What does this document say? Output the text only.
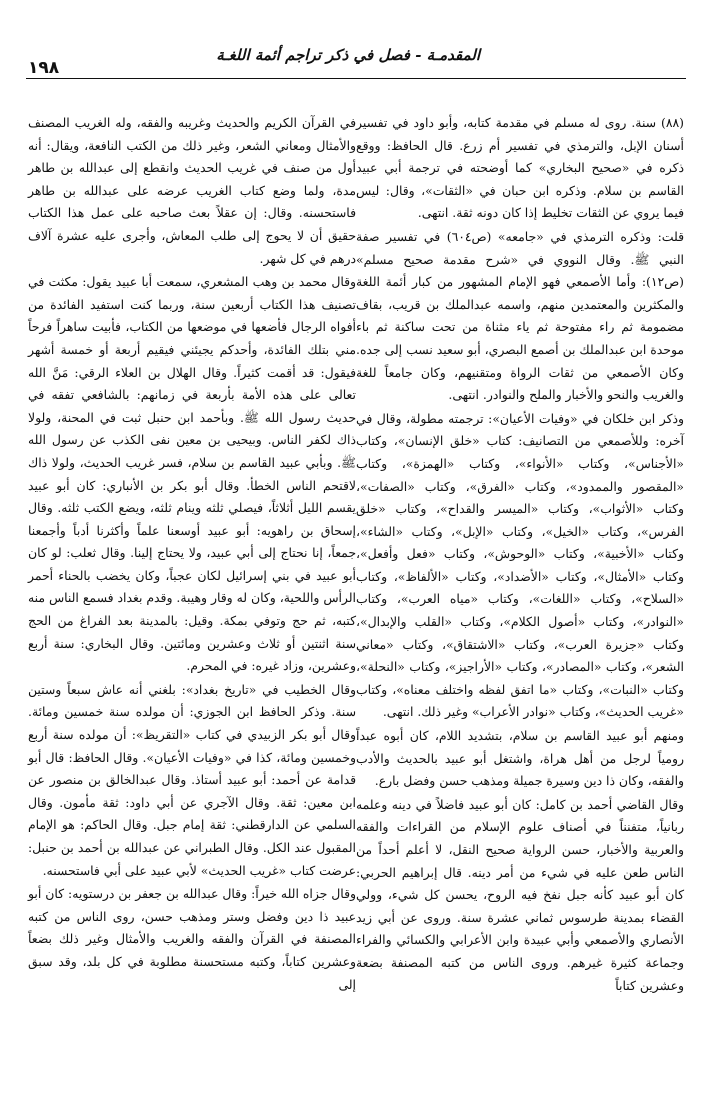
١٩٨
المقدمـة - فصل في ذكر تراجم أئمة اللغـة

(٨٨) سنة. روى له مسلم في مقدمة كتابه، وأبو داود في تفسير أسنان الإبل، والترمذي في تفسير أم زرع. قال الحافظ: ووقع ذكره في «صحيح البخاري» كما أوضحته في ترجمة أبي عبيد القاسم بن سلام. وذكره ابن حبان في «الثقات»، وقال: ليس فيما يروي عن الثقات تخليط إذا كان دونه ثقة. انتهى.

قلت: وذكره الترمذي في «جامعه» (ص٦٠٤) في تفسير صفة النبي ﷺ. وقال النووي في «شرح مقدمة صحيح مسلم» (ص١٢): وأما الأصمعي فهو الإمام المشهور من كبار أئمة اللغة والمكثرين والمعتمدين منهم، واسمه عبدالملك بن قريب، بقاف مضمومة ثم راء مفتوحة ثم ياء مثناة من تحت ساكنة ثم باء موحدة ابن عبدالملك بن أصمع البصري، أبو سعيد نسب إلى جده. وكان الأصمعي من ثقات الرواة ومتقنيهم، وكان جامعاً للغة والغريب والنحو والأخبار والملح والنوادر. انتهى.

وذكر ابن خلكان في «وفيات الأعيان»: ترجمته مطولة، وقال في آخره: وللأصمعي من التصانيف: كتاب «خلق الإنسان»، وكتاب «الأجناس»، وكتاب «الأنواء»، وكتاب «الهمزة»، وكتاب «المقصور والممدود»، وكتاب «الفرق»، وكتاب «الصفات»، وكتاب «الأثواب»، وكتاب «الميسر والقداح»، وكتاب «خلق الفرس»، وكتاب «الخيل»، وكتاب «الإبل»، وكتاب «الشاء»، وكتاب «الأخبية»، وكتاب «الوحوش»، وكتاب «فعل وأفعل»، وكتاب «الأمثال»، وكتاب «الأضداد»، وكتاب «الألفاظ»، وكتاب «السلاح»، وكتاب «اللغات»، وكتاب «مياه العرب»، وكتاب «النوادر»، وكتاب «أصول الكلام»، وكتاب «القلب والإبدال»، وكتاب «جزيرة العرب»، وكتاب «الاشتقاق»، وكتاب «معاني الشعر»، وكتاب «المصادر»، وكتاب «الأراجيز»، وكتاب «النحلة»، وكتاب «النبات»، وكتاب «ما اتفق لفظه واختلف معناه»، وكتاب «غريب الحديث»، وكتاب «نوادر الأعراب» وغير ذلك. انتهى.

ومنهم أبو عبيد القاسم بن سلام، بتشديد اللام، كان أبوه عبداً رومياً لرجل من أهل هراة، واشتغل أبو عبيد بالحديث والأدب والفقه، وكان ذا دين وسيرة جميلة ومذهب حسن وفضل بارع.

وقال القاضي أحمد بن كامل: كان أبو عبيد فاضلاً في دينه وعلمه ربانياً، متفنناً في أصناف علوم الإسلام من القراءات والفقه والعربية والأخبار، حسن الرواية صحيح النقل، لا أعلم أحداً من الناس طعن عليه في شيء من أمر دينه. قال إبراهيم الحربي: كان أبو عبيد كأنه جبل نفخ فيه الروح، يحسن كل شيء، وولي القضاء بمدينة طرسوس ثماني عشرة سنة. وروى عن أبي زيد الأنصاري والأصمعي وأبي عبيدة وابن الأعرابي والكسائي والفراء وجماعة كثيرة غيرهم. وروى الناس من كتبه المصنفة بضعة وعشرين كتاباً

في القرآن الكريم والحديث وغريبه والفقه، وله الغريب المصنف والأمثال ومعاني الشعر، وغير ذلك من الكتب النافعة، ويقال: أنه أول من صنف في غريب الحديث وانقطع إلى عبدالله بن طاهر مدة، ولما وضع كتاب الغريب عرضه على عبدالله بن طاهر فاستحسنه. وقال: إن عقلاً بعث صاحبه على عمل هذا الكتاب حقيق أن لا يحوج إلى طلب المعاش، وأجرى عليه عشرة آلاف درهم في كل شهر.

وقال محمد بن وهب المشعري، سمعت أبا عبيد يقول: مكثت في تصنيف هذا الكتاب أربعين سنة، وربما كنت استفيد الفائدة من أفواه الرجال فأضعها في موضعها من الكتاب، فأبيت ساهراً فرحاً مني بتلك الفائدة، وأحدكم يجيئني فيقيم أربعة أو خمسة أشهر فيقول: قد أقمت كثيراً. وقال الهلال بن العلاء الرقي: مَنَّ الله تعالى على هذه الأمة بأربعة في زمانهم: بالشافعي تفقه في حديث رسول الله ﷺ. وبأحمد ابن حنبل ثبت في المحنة، ولولا ذاك لكفر الناس. وبيحيى بن معين نفى الكذب عن رسول الله ﷺ. وبأبي عبيد القاسم بن سلام، فسر غريب الحديث، ولولا ذاك لاقتحم الناس الخطأ. وقال أبو بكر بن الأنباري: كان أبو عبيد يقسم الليل أثلاثاً، فيصلي ثلثه وينام ثلثه، ويضع الكتب ثلثه. وقال إسحاق بن راهويه: أبو عبيد أوسعنا علماً وأكثرنا أدباً وأجمعنا جمعاً، إنا نحتاج إلى أبي عبيد، ولا يحتاج إلينا. وقال ثعلب: لو كان أبو عبيد في بني إسرائيل لكان عجباً، وكان يخضب بالحناء أحمر الرأس واللحية، وكان له وقار وهيبة. وقدم بغداد فسمع الناس منه كتبه، ثم حج وتوفي بمكة. وقيل: بالمدينة بعد الفراغ من الحج سنة اثنتين أو ثلاث وعشرين ومائتين. وقال البخاري: سنة أربع وعشرين، وزاد غيره: في المحرم.

وقال الخطيب في «تاريخ بغداد»: بلغني أنه عاش سبعاً وستين سنة. وذكر الحافظ ابن الجوزي: أن مولده سنة خمسين ومائة. وقال أبو بكر الزبيدي في كتاب «التقريظ»: أن مولده سنة أربع وخمسين ومائة، كذا في «وفيات الأعيان». وقال الحافظ: قال أبو قدامة عن أحمد: أبو عبيد أستاذ. وقال عبدالخالق بن منصور عن ابن معين: ثقة. وقال الآجري عن أبي داود: ثقة مأمون. وقال السلمي عن الدارقطني: ثقة إمام جبل. وقال الحاكم: هو الإمام المقبول عند الكل. وقال الطبراني عن عبدالله بن أحمد بن حنبل: عرضت كتاب «غريب الحديث» لأبي عبيد على أبي فاستحسنه.

وقال جزاه الله خيراً: وقال عبدالله بن جعفر بن درستويه: كان أبو عبيد ذا دين وفضل وستر ومذهب حسن، روى الناس من كتبه المصنفة في القرآن والفقه والغريب والأمثال وغير ذلك بضعاً وعشرين كتاباً، وكتبه مستحسنة مطلوبة في كل بلد، وقد سبق إلى
